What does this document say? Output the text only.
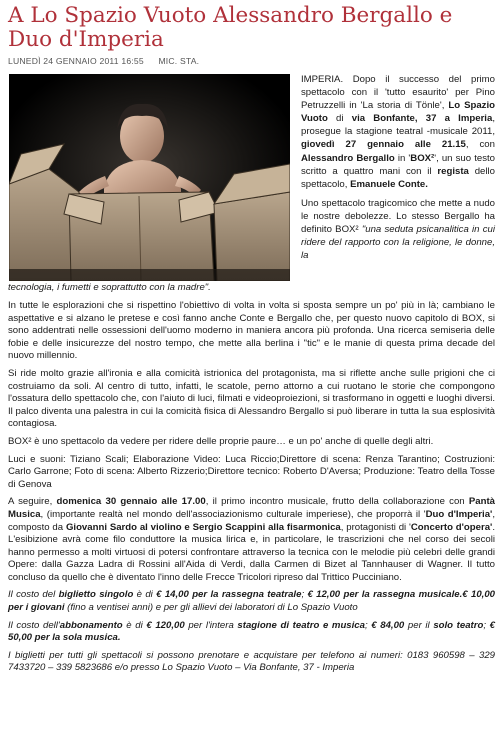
A Lo Spazio Vuoto Alessandro Bergallo e Duo d'Imperia
LUNEDÌ 24 GENNAIO 2011 16:55 MIC. STA.

IMPERIA. Dopo il successo del primo spettacolo con il 'tutto esaurito' per Pino Petruzzelli in 'La storia di Tönle', Lo Spazio Vuoto di via Bonfante, 37 a Imperia, prosegue la stagione teatral -musicale 2011, giovedì 27 gennaio alle 21.15, con Alessandro Bergallo in 'BOX²', un suo testo scritto a quattro mani con il regista dello spettacolo, Emanuele Conte.

Uno spettacolo tragicomico che mette a nudo le nostre debolezze. Lo stesso Bergallo ha definito BOX² "una seduta psicanalitica in cui ridere del rapporto con la religione, le donne, la

tecnologia, i fumetti e soprattutto con la madre".

In tutte le esplorazioni che si rispettino l'obiettivo di volta in volta si sposta sempre un po' più in là; cambiano le aspettative e si alzano le pretese e così fanno anche Conte e Bergallo che, per questo nuovo capitolo di BOX, si sono addentrati nelle ossessioni dell'uomo moderno in maniera ancora più profonda. Una ricerca semiseria delle fobie e delle insicurezze del nostro tempo, che mette alla berlina i "tic" e le manie di questa prima decade del nuovo millennio.

Si ride molto grazie all'ironia e alla comicità istrionica del protagonista, ma si riflette anche sulle prigioni che ci costruiamo da soli. Al centro di tutto, infatti, le scatole, perno attorno a cui ruotano le storie che compongono l'ossatura dello spettacolo che, con l'aiuto di luci, filmati e videoproiezioni, si trasformano in oggetti e luoghi diversi. Il palco diventa una palestra in cui la comicità fisica di Alessandro Bergallo si può liberare in tutta la sua esplosività contagiosa.

BOX² è uno spettacolo da vedere per ridere delle proprie paure… e un po' anche di quelle degli altri.

Luci e suoni: Tiziano Scali; Elaborazione Video: Luca Riccio;Direttore di scena: Renza Tarantino; Costruzioni: Carlo Garrone; Foto di scena: Alberto Rizzerio;Direttore tecnico: Roberto D'Aversa; Produzione: Teatro della Tosse di Genova

A seguire, domenica 30 gennaio alle 17.00, il primo incontro musicale, frutto della collaborazione con Pantà Musica, (importante realtà nel mondo dell'associazionismo culturale imperiese), che proporrà il 'Duo d'Imperia', composto da Giovanni Sardo al violino e Sergio Scappini alla fisarmonica, protagonisti di 'Concerto d'opera'. L'esibizione avrà come filo conduttore la musica lirica e, in particolare, le trascrizioni che nel corso dei secoli hanno permesso a molti virtuosi di potersi confrontare attraverso la tecnica con le melodie più celebri delle grandi Opere: dalla Gazza Ladra di Rossini all'Aida di Verdi, dalla Carmen di Bizet al Tannhauser di Wagner. Il tutto concluso da quello che è diventato l'inno delle Frecce Tricolori ripreso dal Trittico Pucciniano.

Il costo del biglietto singolo è di € 14,00 per la rassegna teatrale; € 12,00 per la rassegna musicale.€ 10,00 per i giovani (fino a ventisei anni) e per gli allievi dei laboratori di Lo Spazio Vuoto

Il costo dell'abbonamento è di € 120,00 per l'intera stagione di teatro e musica; € 84,00 per il solo teatro; € 50,00 per la sola musica.

I biglietti per tutti gli spettacoli si possono prenotare e acquistare per telefono ai numeri: 0183 960598 – 329 7433720 – 339 5823686 e/o presso Lo Spazio Vuoto – Via Bonfante, 37 - Imperia
